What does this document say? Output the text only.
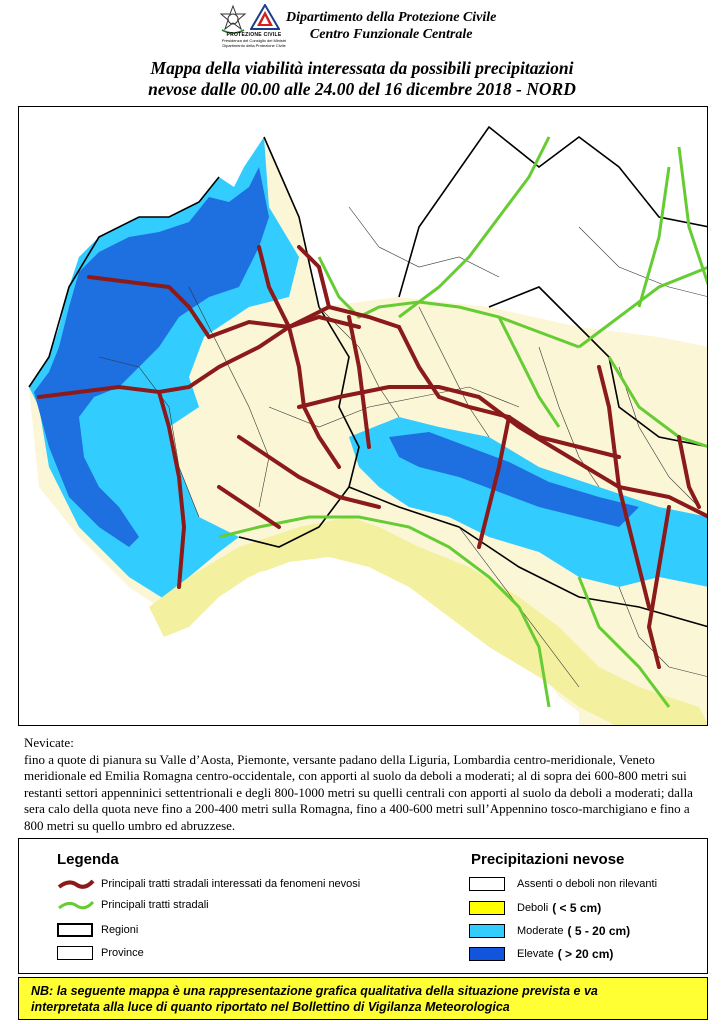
PROTEZIONE CIVILE
Presidenza del Consiglio dei Ministri
Dipartimento della Protezione Civile
Dipartimento della Protezione Civile
Centro Funzionale Centrale
Mappa della viabilità interessata da possibili precipitazioni
nevose dalle 00.00 alle 24.00 del 16 dicembre 2018 - NORD
Nevicate:
fino a quote di pianura su Valle d’Aosta, Piemonte, versante padano della Liguria, Lombardia centro-meridionale, Veneto meridionale ed Emilia Romagna centro-occidentale, con apporti al suolo da deboli a moderati; al di sopra dei 600-800 metri sui restanti settori appenninici settentrionali e degli 800-1000 metri su quelli centrali con apporti al suolo da deboli a moderati; dalla sera calo della quota neve fino a 200-400 metri sulla Romagna, fino a 400-600 metri sull’Appennino tosco-marchigiano e fino a 800 metri su quello umbro ed abruzzese.
Legenda
Principali tratti stradali interessati da fenomeni nevosi
Principali tratti stradali
Regioni
Province
Precipitazioni nevose
Assenti o deboli non rilevanti
Deboli ( < 5 cm)
Moderate ( 5 - 20 cm)
Elevate ( > 20 cm)
NB: la seguente mappa è una rappresentazione grafica qualitativa della situazione prevista e va
interpretata alla luce di quanto riportato nel Bollettino di Vigilanza Meteorologica
